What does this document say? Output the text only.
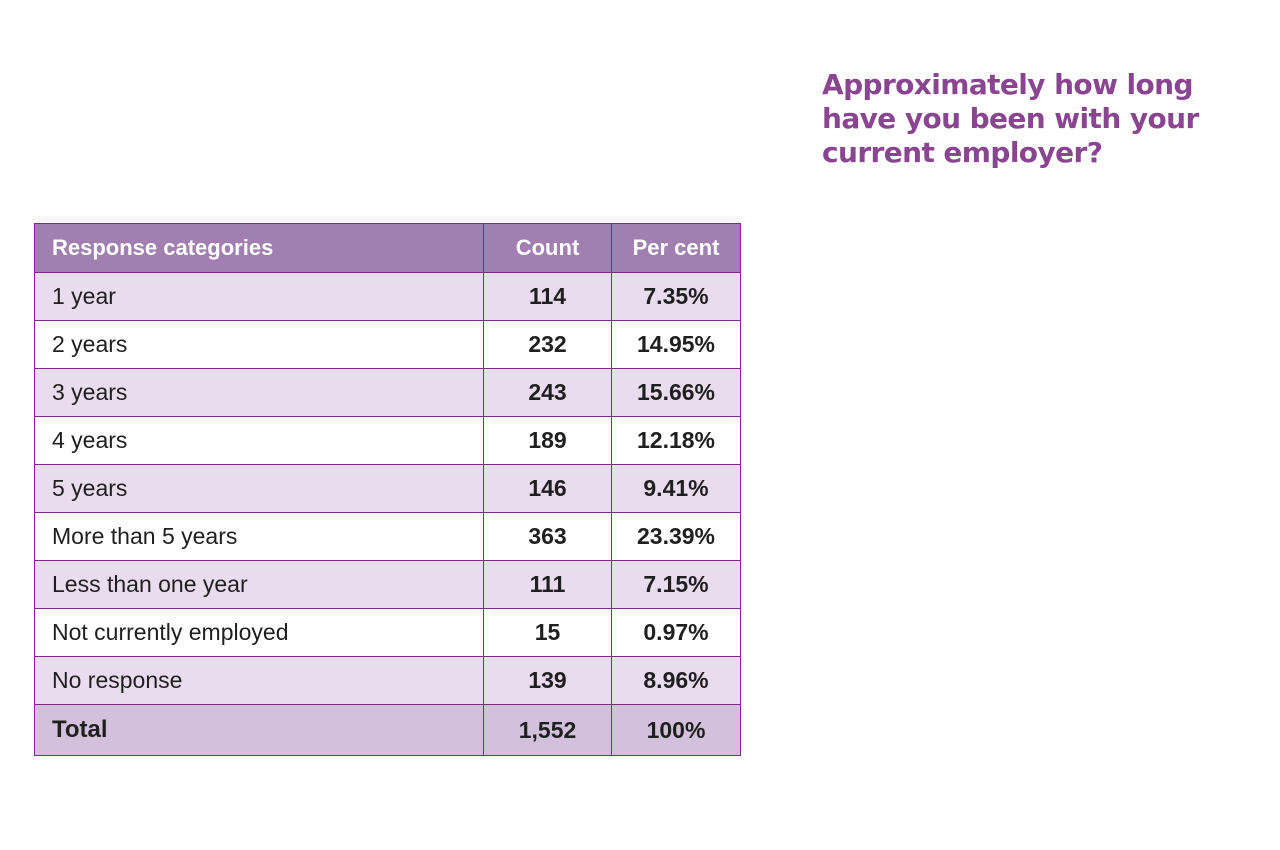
Approximately how long
have you been with your
current employer?
Response categories	Count	Per cent
1 year	114	7.35%
2 years	232	14.95%
3 years	243	15.66%
4 years	189	12.18%
5 years	146	9.41%
More than 5 years	363	23.39%
Less than one year	111	7.15%
Not currently employed	15	0.97%
No response	139	8.96%
Total	1,552	100%
